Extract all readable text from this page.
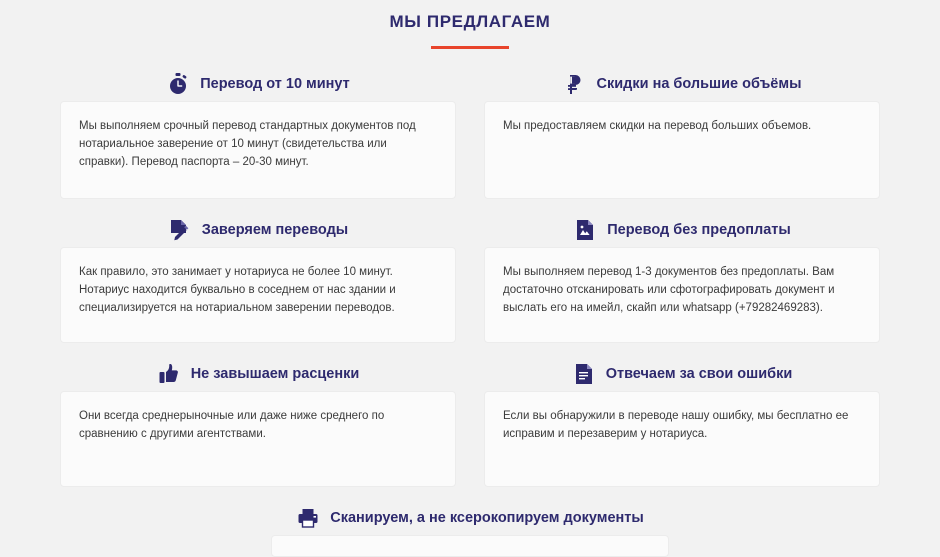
МЫ ПРЕДЛАГАЕМ
Перевод от 10 минут
Мы выполняем срочный перевод стандартных документов под нотариальное заверение от 10 минут (свидетельства или справки). Перевод паспорта – 20-30 минут.
Скидки на большие объёмы
Мы предоставляем скидки на перевод больших объемов.
Заверяем переводы
Как правило, это занимает у нотариуса не более 10 минут. Нотариус находится буквально в соседнем от нас здании и специализируется на нотариальном заверении переводов.
Перевод без предоплаты
Мы выполняем перевод 1-3 документов без предоплаты. Вам достаточно отсканировать или сфотографировать документ и выслать его на имейл, скайп или whatsapp (+79282469283).
Не завышаем расценки
Они всегда среднерыночные или даже ниже среднего по сравнению с другими агентствами.
Отвечаем за свои ошибки
Если вы обнаружили в переводе нашу ошибку, мы бесплатно ее исправим и перезаверим у нотариуса.
Сканируем, а не ксерокопируем документы
